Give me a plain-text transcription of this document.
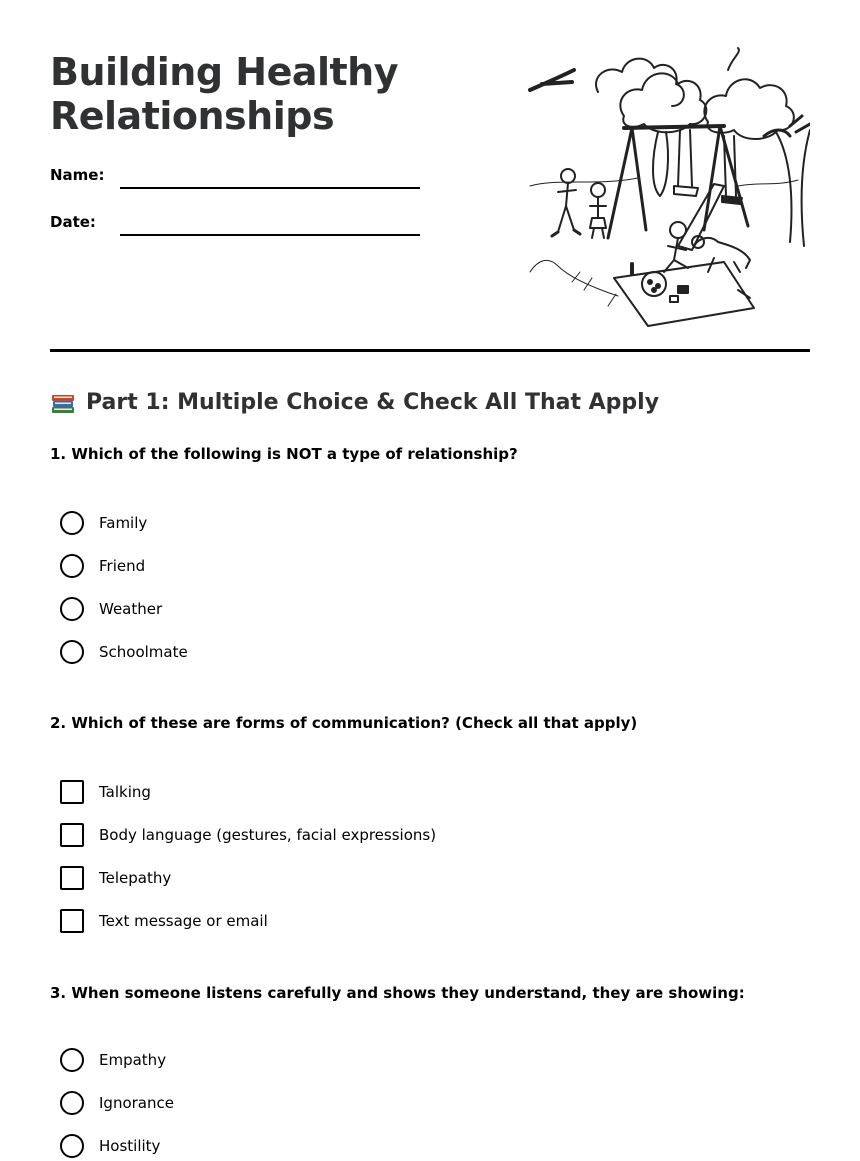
Building Healthy
Relationships
Name:
Date:
Part 1: Multiple Choice & Check All That Apply

1. Which of the following is NOT a type of relationship?

Family
Friend
Weather
Schoolmate

2. Which of these are forms of communication? (Check all that apply)

Talking
Body language (gestures, facial expressions)
Telepathy
Text message or email

3. When someone listens carefully and shows they understand, they are showing:

Empathy
Ignorance
Hostility
